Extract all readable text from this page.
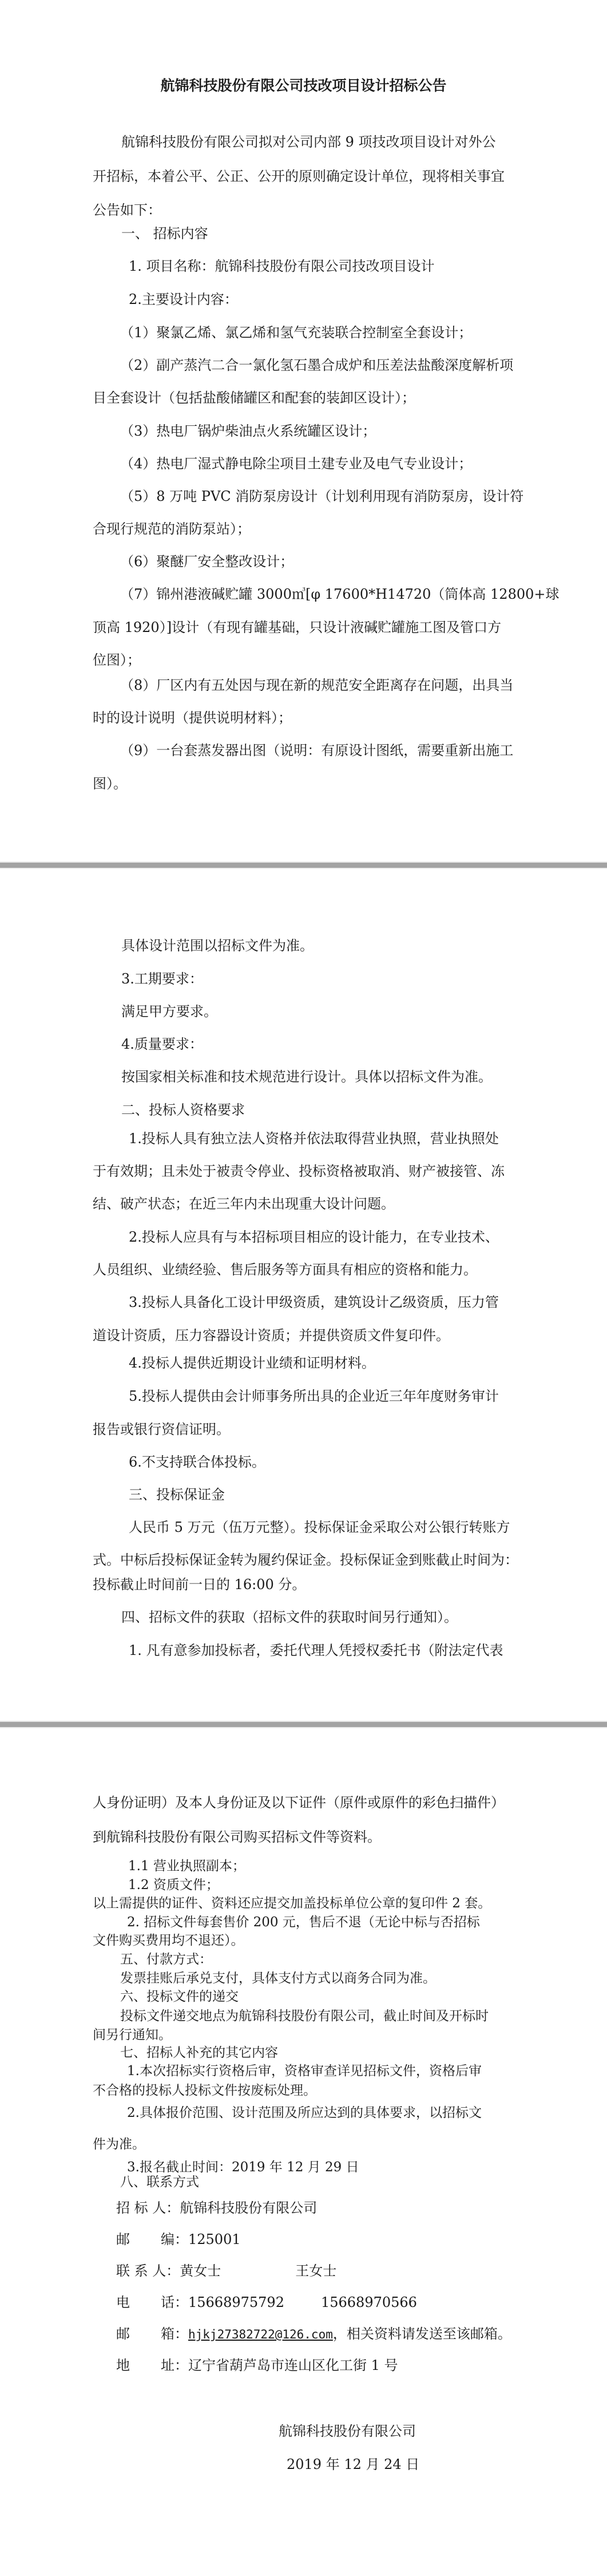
航锦科技股份有限公司技改项目设计招标公告
航锦科技股份有限公司拟对公司内部 9 项技改项目设计对外公
开招标，本着公平、公正、公开的原则确定设计单位，现将相关事宜
公告如下：
一、 招标内容
1. 项目名称：航锦科技股份有限公司技改项目设计
2.主要设计内容：
（1）聚氯乙烯、氯乙烯和氢气充装联合控制室全套设计；
（2）副产蒸汽二合一氯化氢石墨合成炉和压差法盐酸深度解析项
目全套设计（包括盐酸储罐区和配套的装卸区设计）；
（3）热电厂锅炉柴油点火系统罐区设计；
（4）热电厂湿式静电除尘项目土建专业及电气专业设计；
（5）8 万吨 PVC 消防泵房设计（计划利用现有消防泵房，设计符
合现行规范的消防泵站）；
（6）聚醚厂安全整改设计；
（7）锦州港液碱贮罐 3000㎥[φ 17600*H14720（筒体高 12800+球
顶高 1920）]设计（有现有罐基础，只设计液碱贮罐施工图及管口方
位图）；
（8）厂区内有五处因与现在新的规范安全距离存在问题，出具当
时的设计说明（提供说明材料）；
（9）一台套蒸发器出图（说明：有原设计图纸，需要重新出施工
图）。
具体设计范围以招标文件为准。
3.工期要求：
满足甲方要求。
4.质量要求：
按国家相关标准和技术规范进行设计。具体以招标文件为准。
二、投标人资格要求
1.投标人具有独立法人资格并依法取得营业执照，营业执照处
于有效期；且未处于被责令停业、投标资格被取消、财产被接管、冻
结、破产状态；在近三年内未出现重大设计问题。
2.投标人应具有与本招标项目相应的设计能力，在专业技术、
人员组织、业绩经验、售后服务等方面具有相应的资格和能力。
3.投标人具备化工设计甲级资质，建筑设计乙级资质，压力管
道设计资质，压力容器设计资质；并提供资质文件复印件。
4.投标人提供近期设计业绩和证明材料。
5.投标人提供由会计师事务所出具的企业近三年年度财务审计
报告或银行资信证明。
6.不支持联合体投标。
三、投标保证金
人民币 5 万元（伍万元整）。投标保证金采取公对公银行转账方
式。中标后投标保证金转为履约保证金。投标保证金到账截止时间为：
投标截止时间前一日的 16:00 分。
四、招标文件的获取（招标文件的获取时间另行通知）。
1. 凡有意参加投标者，委托代理人凭授权委托书（附法定代表
人身份证明）及本人身份证及以下证件（原件或原件的彩色扫描件）
到航锦科技股份有限公司购买招标文件等资料。
1.1 营业执照副本；
1.2 资质文件；
以上需提供的证件、资料还应提交加盖投标单位公章的复印件 2 套。
2. 招标文件每套售价 200 元，售后不退（无论中标与否招标
文件购买费用均不退还）。
五、付款方式：
发票挂账后承兑支付，具体支付方式以商务合同为准。
六、投标文件的递交
投标文件递交地点为航锦科技股份有限公司，截止时间及开标时
间另行通知。
七、招标人补充的其它内容
1.本次招标实行资格后审，资格审查详见招标文件，资格后审
不合格的投标人投标文件按废标处理。
2.具体报价范围、设计范围及所应达到的具体要求，以招标文
件为准。
3.报名截止时间：2019 年 12 月 29 日
八、联系方式
招 标 人：航锦科技股份有限公司
邮 编：125001
联 系 人：黄女士	王女士
电 话：15668975792	15668970566
邮 箱：hjkj27382722@126.com，相关资料请发送至该邮箱。
地 址：辽宁省葫芦岛市连山区化工街 1 号
航锦科技股份有限公司
2019 年 12 月 24 日
